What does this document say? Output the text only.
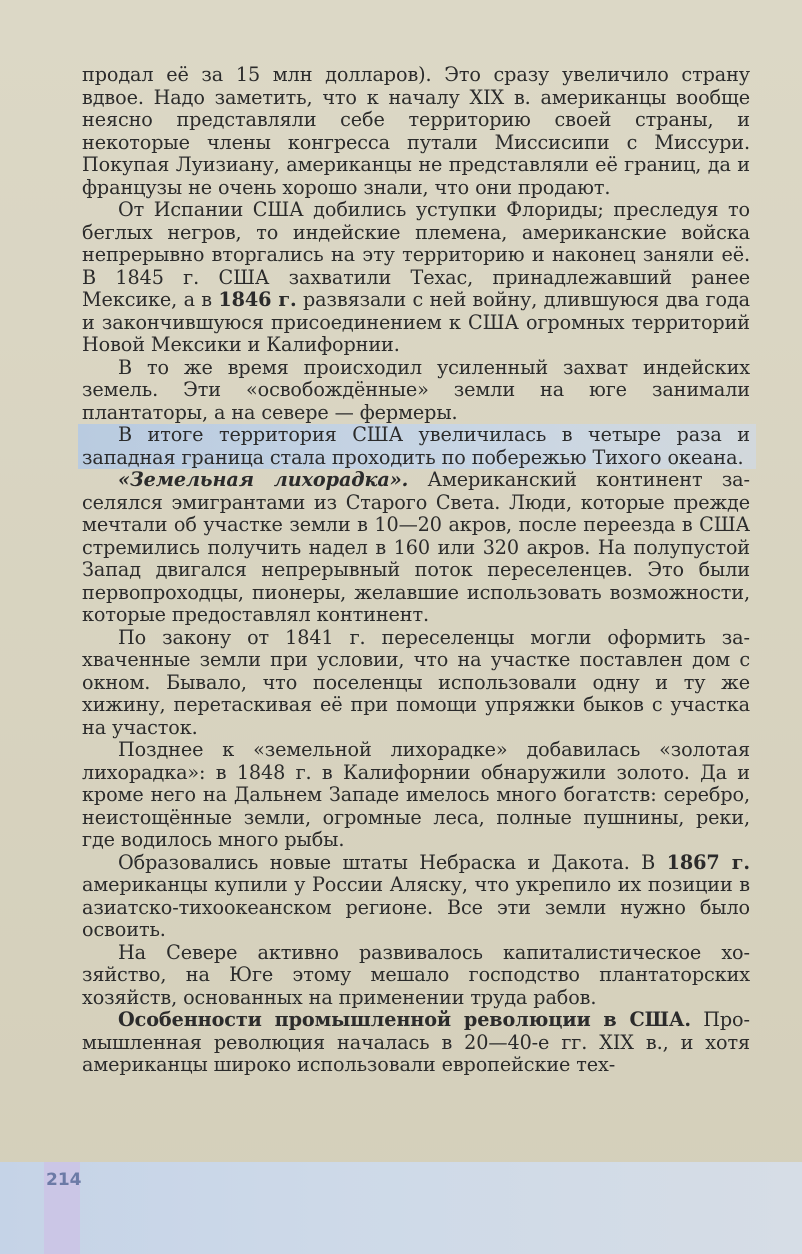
продал её за 15 млн долларов). Это сразу увеличило страну вдвое. Надо заметить, что к началу XIX в. американцы вообще неясно представляли себе территорию своей страны, и некоторые члены конгресса путали Миссисипи с Миссури. Покупая Луизиану, американцы не представляли её границ, да и французы не очень хорошо знали, что они продают.

От Испании США добились уступки Флориды; преследуя то беглых негров, то индейские племена, американские войска непрерывно вторгались на эту территорию и наконец заняли её. В 1845 г. США захватили Техас, принадлежавший ранее Мексике, а в 1846 г. развязали с ней войну, длившуюся два года и закончившуюся присоединением к США огромных территорий Новой Мексики и Калифорнии.

В то же время происходил усиленный захват индейских земель. Эти «освобождённые» земли на юге занимали плантаторы, а на севере — фермеры.

В итоге территория США увеличилась в четыре раза и западная граница стала проходить по побережью Тихого океана.

«Земельная лихорадка». Американский континент заселялся эмигрантами из Старого Света. Люди, которые прежде мечтали об участке земли в 10—20 акров, после переезда в США стремились получить надел в 160 или 320 акров. На полупустой Запад двигался непрерывный поток переселенцев. Это были первопроходцы, пионеры, желавшие использовать возможности, которые предоставлял континент.

По закону от 1841 г. переселенцы могли оформить захваченные земли при условии, что на участке поставлен дом с окном. Бывало, что поселенцы использовали одну и ту же хижину, перетаскивая её при помощи упряжки быков с участка на участок.

Позднее к «земельной лихорадке» добавилась «золотая лихорадка»: в 1848 г. в Калифорнии обнаружили золото. Да и кроме него на Дальнем Западе имелось много богатств: серебро, неистощённые земли, огромные леса, полные пушнины, реки, где водилось много рыбы.

Образовались новые штаты Небраска и Дакота. В 1867 г. американцы купили у России Аляску, что укрепило их позиции в азиатско-тихоокеанском регионе. Все эти земли нужно было освоить.

На Севере активно развивалось капиталистическое хозяйство, на Юге этому мешало господство плантаторских хозяйств, основанных на применении труда рабов.

Особенности промышленной революции в США. Промышленная революция началась в 20—40-е гг. XIX в., и хотя американцы широко использовали европейские тех-

214
